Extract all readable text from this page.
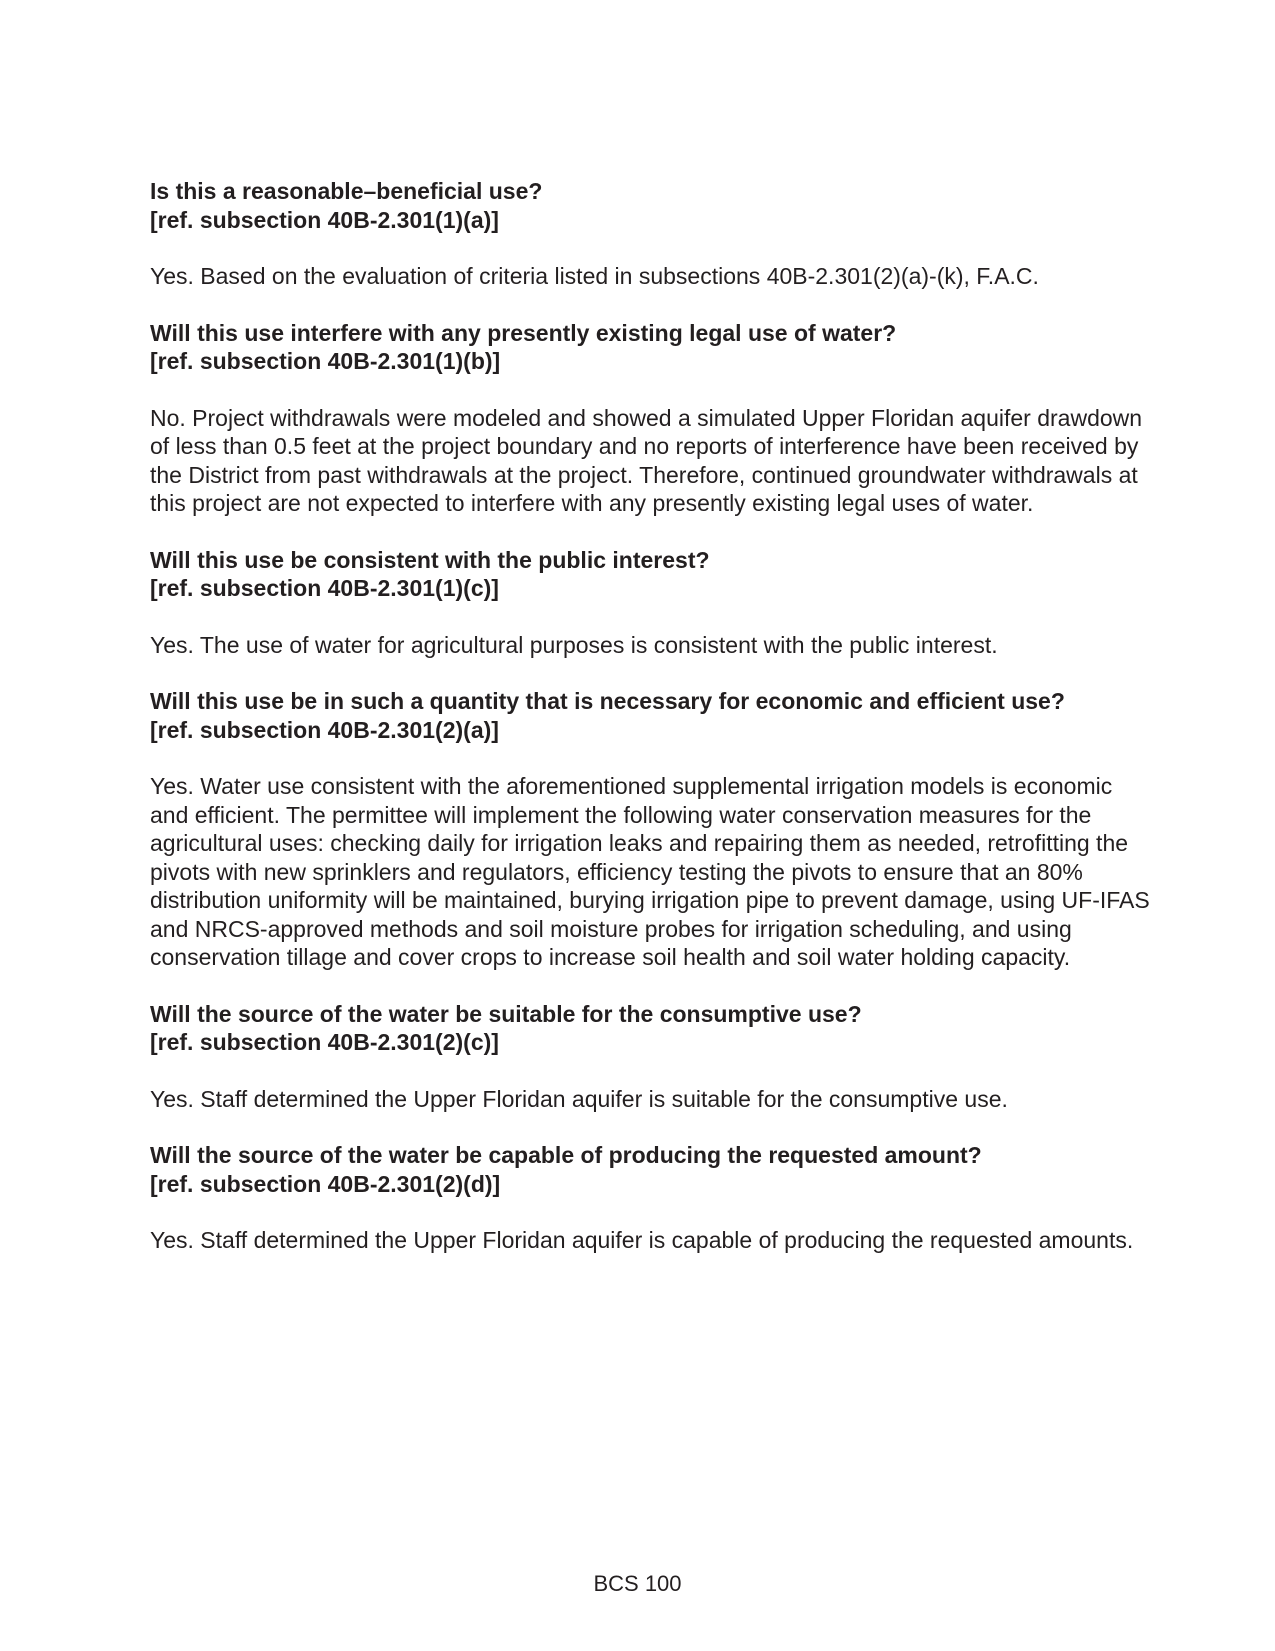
Is this a reasonable–beneficial use?
[ref. subsection 40B-2.301(1)(a)]

Yes. Based on the evaluation of criteria listed in subsections 40B-2.301(2)(a)-(k), F.A.C.

Will this use interfere with any presently existing legal use of water?
[ref. subsection 40B-2.301(1)(b)]

No. Project withdrawals were modeled and showed a simulated Upper Floridan aquifer drawdown of less than 0.5 feet at the project boundary and no reports of interference have been received by the District from past withdrawals at the project. Therefore, continued groundwater withdrawals at this project are not expected to interfere with any presently existing legal uses of water.

Will this use be consistent with the public interest?
[ref. subsection 40B-2.301(1)(c)]

Yes. The use of water for agricultural purposes is consistent with the public interest.

Will this use be in such a quantity that is necessary for economic and efficient use?
[ref. subsection 40B-2.301(2)(a)]

Yes. Water use consistent with the aforementioned supplemental irrigation models is economic and efficient. The permittee will implement the following water conservation measures for the agricultural uses: checking daily for irrigation leaks and repairing them as needed, retrofitting the pivots with new sprinklers and regulators, efficiency testing the pivots to ensure that an 80% distribution uniformity will be maintained, burying irrigation pipe to prevent damage, using UF-IFAS and NRCS-approved methods and soil moisture probes for irrigation scheduling, and using conservation tillage and cover crops to increase soil health and soil water holding capacity.

Will the source of the water be suitable for the consumptive use?
[ref. subsection 40B-2.301(2)(c)]

Yes. Staff determined the Upper Floridan aquifer is suitable for the consumptive use.

Will the source of the water be capable of producing the requested amount?
[ref. subsection 40B-2.301(2)(d)]

Yes. Staff determined the Upper Floridan aquifer is capable of producing the requested amounts.

BCS 100
